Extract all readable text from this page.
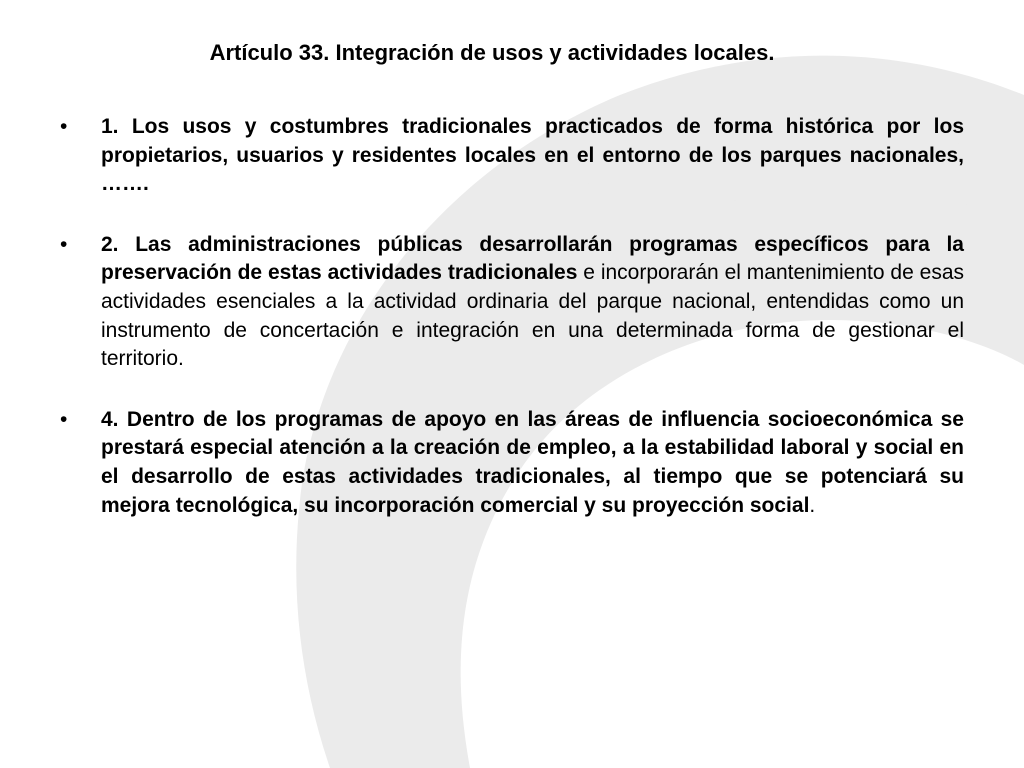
Artículo 33. Integración de usos y actividades locales.
• 1. Los usos y costumbres tradicionales practicados de forma histórica por los propietarios, usuarios y residentes locales en el entorno de los parques nacionales, …….
• 2. Las administraciones públicas desarrollarán programas específicos para la preservación de estas actividades tradicionales e incorporarán el mantenimiento de esas actividades esenciales a la actividad ordinaria del parque nacional, entendidas como un instrumento de concertación e integración en una determinada forma de gestionar el territorio.
• 4. Dentro de los programas de apoyo en las áreas de influencia socioeconómica se prestará especial atención a la creación de empleo, a la estabilidad laboral y social en el desarrollo de estas actividades tradicionales, al tiempo que se potenciará su mejora tecnológica, su incorporación comercial y su proyección social.
